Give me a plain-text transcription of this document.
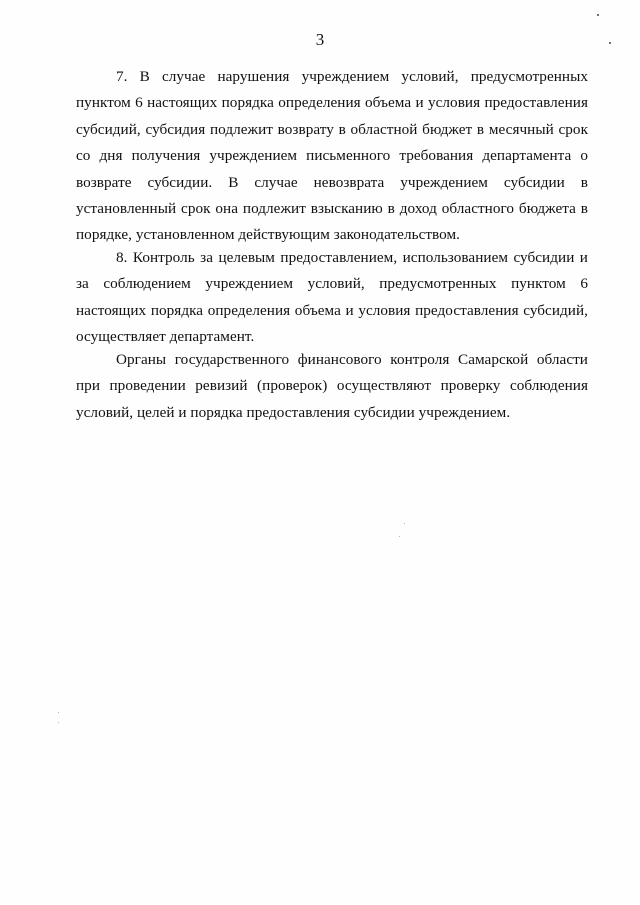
3

7. В случае нарушения учреждением условий, предусмотренных пунктом 6 настоящих порядка определения объема и условия предоставления субсидий, субсидия подлежит возврату в областной бюджет в месячный срок со дня получения учреждением письменного требования департамента о возврате субсидии. В случае невозврата учреждением субсидии в установленный срок она подлежит взысканию в доход областного бюджета в порядке, установленном действующим законодательством.

8. Контроль за целевым предоставлением, использованием субсидии и за соблюдением учреждением условий, предусмотренных пунктом 6 настоящих порядка определения объема и условия предоставления субсидий, осуществляет департамент.

Органы государственного финансового контроля Самарской области при проведении ревизий (проверок) осуществляют проверку соблюдения условий, целей и порядка предоставления субсидии учреждением.
